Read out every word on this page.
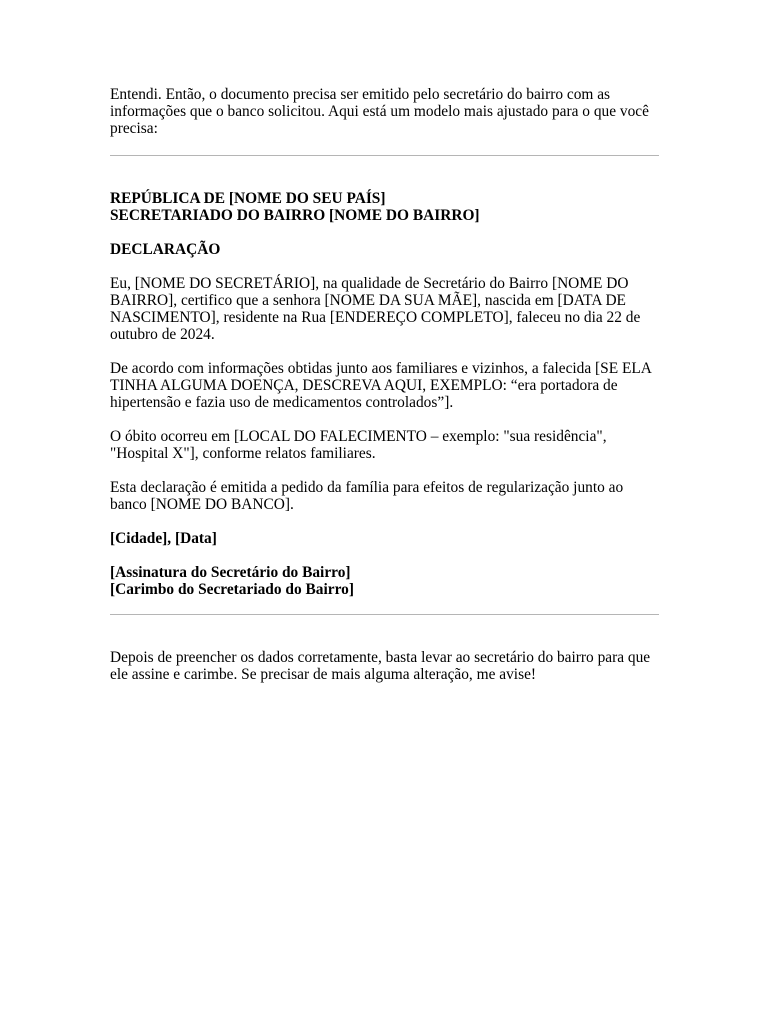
Entendi. Então, o documento precisa ser emitido pelo secretário do bairro com as informações que o banco solicitou. Aqui está um modelo mais ajustado para o que você precisa:

REPÚBLICA DE [NOME DO SEU PAÍS]

SECRETARIADO DO BAIRRO [NOME DO BAIRRO]

DECLARAÇÃO

Eu, [NOME DO SECRETÁRIO], na qualidade de Secretário do Bairro [NOME DO BAIRRO], certifico que a senhora [NOME DA SUA MÃE], nascida em [DATA DE NASCIMENTO], residente na Rua [ENDEREÇO COMPLETO], faleceu no dia 22 de outubro de 2024.

De acordo com informações obtidas junto aos familiares e vizinhos, a falecida [SE ELA TINHA ALGUMA DOENÇA, DESCREVA AQUI, EXEMPLO: “era portadora de hipertensão e fazia uso de medicamentos controlados”].

O óbito ocorreu em [LOCAL DO FALECIMENTO – exemplo: "sua residência", "Hospital X"], conforme relatos familiares.

Esta declaração é emitida a pedido da família para efeitos de regularização junto ao banco [NOME DO BANCO].

[Cidade], [Data]

[Assinatura do Secretário do Bairro]

[Carimbo do Secretariado do Bairro]

Depois de preencher os dados corretamente, basta levar ao secretário do bairro para que ele assine e carimbe. Se precisar de mais alguma alteração, me avise!
